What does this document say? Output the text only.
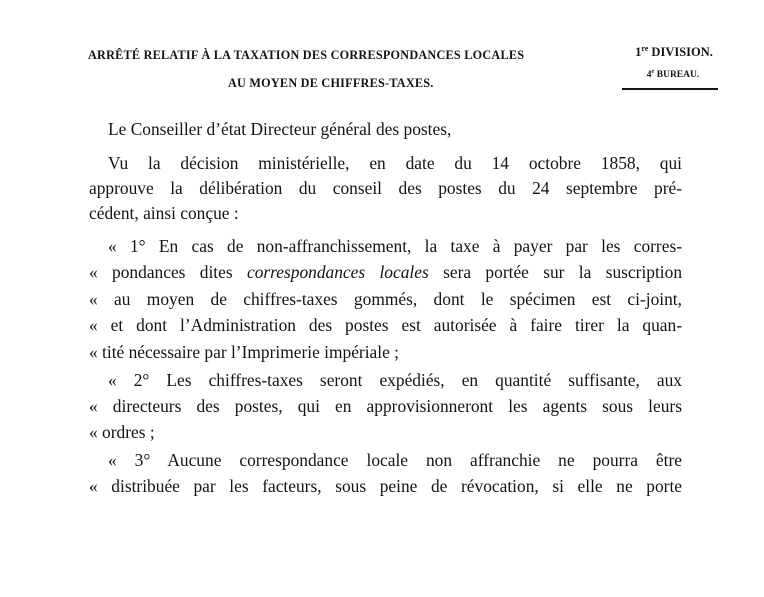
ARRÊTÉ RELATIF À LA TAXATION DES CORRESPONDANCES LOCALES
AU MOYEN DE CHIFFRES-TAXES.
1re DIVISION.
4e BUREAU.
Le Conseiller d’état Directeur général des postes,
Vu la décision ministérielle, en date du 14 octobre 1858, qui
approuve la délibération du conseil des postes du 24 septembre pré-
cédent, ainsi conçue :
« 1° En cas de non-affranchissement, la taxe à payer par les corres-
« pondances dites correspondances locales sera portée sur la suscription
« au moyen de chiffres-taxes gommés, dont le spécimen est ci-joint,
« et dont l’Administration des postes est autorisée à faire tirer la quan-
« tité nécessaire par l’Imprimerie impériale ;
« 2° Les chiffres-taxes seront expédiés, en quantité suffisante, aux
« directeurs des postes, qui en approvisionneront les agents sous leurs
« ordres ;
« 3° Aucune correspondance locale non affranchie ne pourra être
« distribuée par les facteurs, sous peine de révocation, si elle ne porte
